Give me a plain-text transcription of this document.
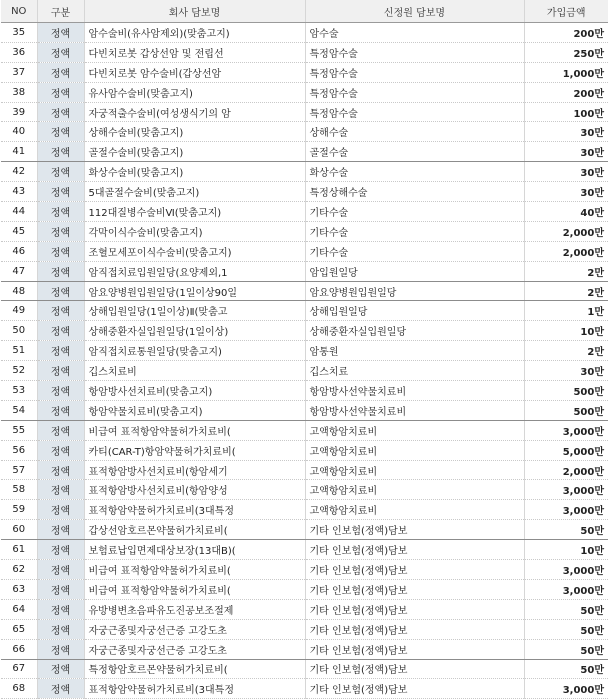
NO	구분	회사 담보명	신정원 담보명	가입금액
35	정액	암수술비(유사암제외)(맞춤고지)	암수술	200만
36	정액	다빈치로봇 갑상선암 및 전립선	특정암수술	250만
37	정액	다빈치로봇 암수술비(갑상선암	특정암수술	1,000만
38	정액	유사암수술비(맞춤고지)	특정암수술	200만
39	정액	자궁적출수술비(여성생식기의 암	특정암수술	100만
40	정액	상해수술비(맞춤고지)	상해수술	30만
41	정액	골절수술비(맞춤고지)	골절수술	30만
42	정액	화상수술비(맞춤고지)	화상수술	30만
43	정액	5대골절수술비(맞춤고지)	특정상해수술	30만
44	정액	112대질병수술비Ⅵ(맞춤고지)	기타수술	40만
45	정액	각막이식수술비(맞춤고지)	기타수술	2,000만
46	정액	조혈모세포이식수술비(맞춤고지)	기타수술	2,000만
47	정액	암직접치료입원일당(요양제외,1	암입원일당	2만
48	정액	암요양병원입원일당(1일이상90일	암요양병원입원일당	2만
49	정액	상해입원일당(1일이상)Ⅱ(맞춤고	상해입원일당	1만
50	정액	상해중환자실입원일당(1일이상)	상해중환자실입원일당	10만
51	정액	암직접치료통원일당(맞춤고지)	암통원	2만
52	정액	깁스치료비	깁스치료	30만
53	정액	항암방사선치료비(맞춤고지)	항암방사선약물치료비	500만
54	정액	항암약물치료비(맞춤고지)	항암방사선약물치료비	500만
55	정액	비급여 표적항암약물허가치료비(	고액항암치료비	3,000만
56	정액	카티(CAR-T)항암약물허가치료비(	고액항암치료비	5,000만
57	정액	표적항암방사선치료비(항암세기	고액항암치료비	2,000만
58	정액	표적항암방사선치료비(항암양성	고액항암치료비	3,000만
59	정액	표적항암약물허가치료비(3대특정	고액항암치료비	3,000만
60	정액	갑상선암호르몬약물허가치료비(	기타 인보험(정액)담보	50만
61	정액	보험료납입면제대상보장(13대B)(	기타 인보험(정액)담보	10만
62	정액	비급여 표적항암약물허가치료비(	기타 인보험(정액)담보	3,000만
63	정액	비급여 표적항암약물허가치료비(	기타 인보험(정액)담보	3,000만
64	정액	유방병변초음파유도진공보조절제	기타 인보험(정액)담보	50만
65	정액	자궁근종및자궁선근증 고강도초	기타 인보험(정액)담보	50만
66	정액	자궁근종및자궁선근증 고강도초	기타 인보험(정액)담보	50만
67	정액	특정항암호르몬약물허가치료비(	기타 인보험(정액)담보	50만
68	정액	표적항암약물허가치료비(3대특정	기타 인보험(정액)담보	3,000만
